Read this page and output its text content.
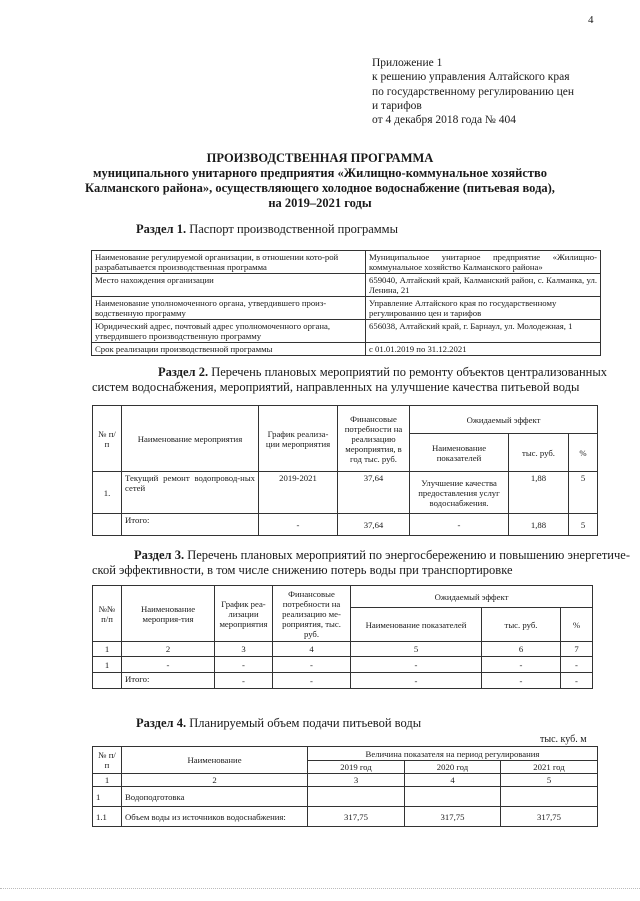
4
Приложение 1
к решению управления Алтайского края
по государственному регулированию цен
и тарифов
от 4 декабря 2018 года № 404
ПРОИЗВОДСТВЕННАЯ ПРОГРАММА
муниципального унитарного предприятия «Жилищно-коммунальное хозяйство
Калманского района», осуществляющего холодное водоснабжение (питьевая вода),
на 2019–2021 годы
Раздел 1. Паспорт производственной программы
Наименование регулируемой организации, в отношении кото-рой разрабатывается производственная программа	Муниципальное унитарное предприятие «Жилищно-коммунальное хозяйство Калманского района»
Место нахождения организации	659040, Алтайский край, Калманский район, с. Калманка, ул. Ленина, 21
Наименование уполномоченного органа, утвердившего произ-водственную программу	Управление Алтайского края по государственному регулированию цен и тарифов
Юридический адрес, почтовый адрес уполномоченного органа, утвердившего производственную программу	656038, Алтайский край, г. Барнаул, ул. Молодежная, 1
Срок реализации производственной программы	с 01.01.2019 по 31.12.2021
Раздел 2. Перечень плановых мероприятий по ремонту объектов централизованных
систем водоснабжения, мероприятий, направленных на улучшение качества питьевой воды
№ п/п	Наименование мероприятия	График реализа-ции мероприятия	Финансовые потребности на реализацию мероприятия, в год тыс. руб.	Ожидаемый эффект		
				Наименование показателей	тыс. руб.	%
1.	Текущий ремонт водопровод-ных сетей	2019-2021	37,64	Улучшение качества предоставления услуг водоснабжения.	1,88	5
	Итого:	-	37,64	-	1,88	5
Раздел 3. Перечень плановых мероприятий по энергосбережению и повышению энергетиче-
ской эффективности, в том числе снижению потерь воды при транспортировке
№№ п/п	Наименование мероприя-тия	График реа-лизации мероприятия	Финансовые потребности на реализацию ме-роприятия, тыс. руб.	Ожидаемый эффект		
				Наименование показателей	тыс. руб.	%
1	2	3	4	5	6	7
1	-	-	-	-	-	-
	Итого:	-	-	-	-	-
Раздел 4. Планируемый объем подачи питьевой воды
тыс. куб. м
№ п/п	Наименование	Величина показателя на период регулирования		
		2019 год	2020 год	2021 год
1	2	3	4	5
1	Водоподготовка			
1.1	Объем воды из источников водоснабжения:	317,75	317,75	317,75
